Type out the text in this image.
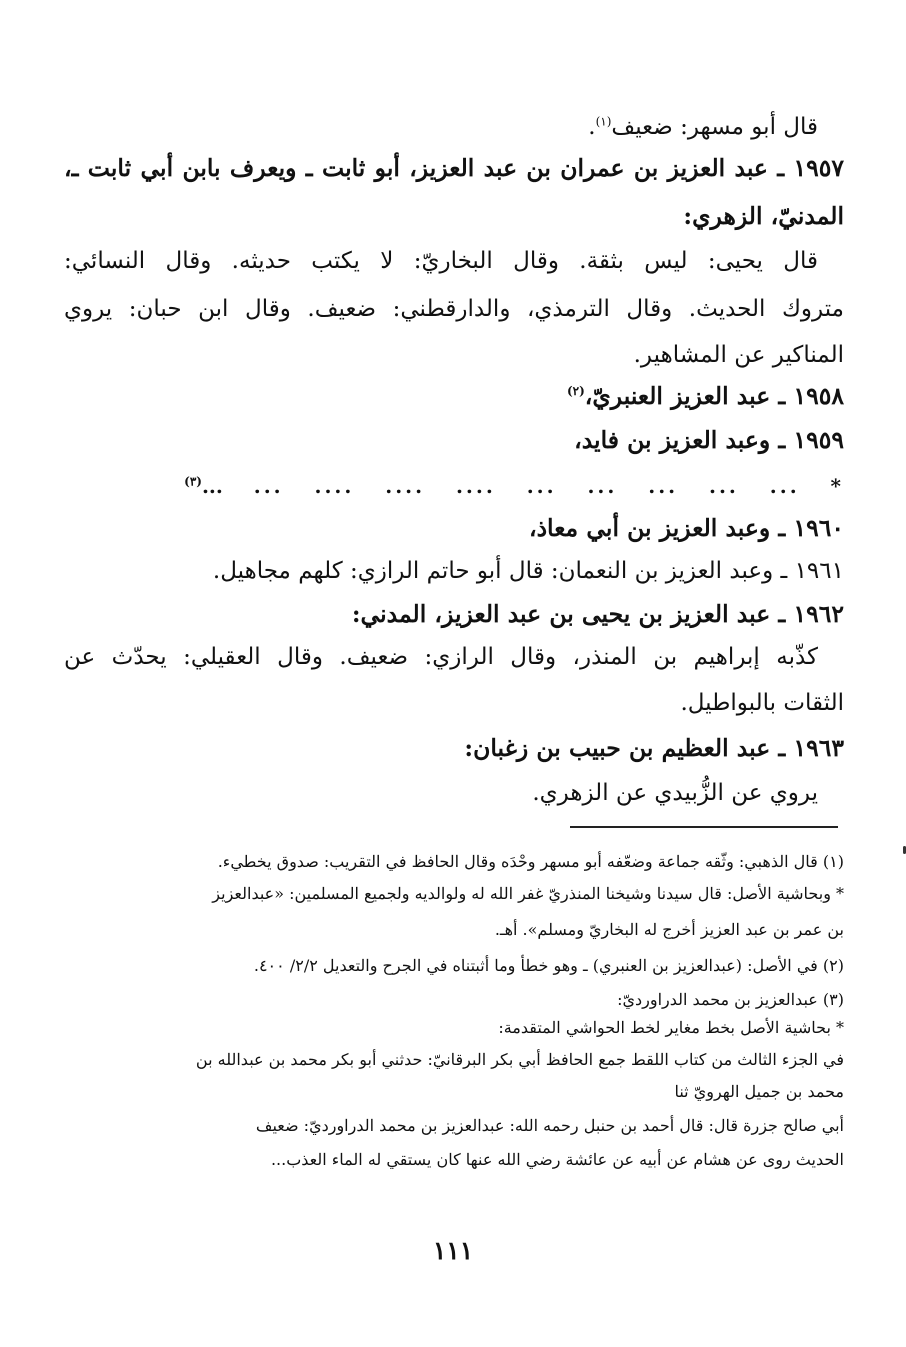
قال أبو مسهر: ضعيف$^{(١)}$.
١٩٥٧ ـ عبد العزيز بن عمران بن عبد العزيز، أبو ثابت ـ ويعرف بابن أبي ثابت ـ،
المدنيّ، الزهري:
قال يحيى: ليس بثقة. وقال البخاريّ: لا يكتب حديثه. وقال النسائي:
متروك الحديث. وقال الترمذي، والدارقطني: ضعيف. وقال ابن حبان: يروي
المناكير عن المشاهير.
١٩٥٨ ـ عبد العزيز العنبريّ،$^{(٢)}$
١٩٥٩ ـ وعبد العزيز بن فايد،
*
...
...
...
...
...
....
....
....
...
...$^{(٣)}$
١٩٦٠ ـ وعبد العزيز بن أبي معاذ،
١٩٦١ ـ وعبد العزيز بن النعمان: قال أبو حاتم الرازي: كلهم مجاهيل.
١٩٦٢ ـ عبد العزيز بن يحيى بن عبد العزيز، المدني:
كذّبه إبراهيم بن المنذر، وقال الرازي: ضعيف. وقال العقيلي: يحدّث عن
الثقات بالبواطيل.
١٩٦٣ ـ عبد العظيم بن حبيب بن زغبان:
يروي عن الزُّبيدي عن الزهري.
(١) قال الذهبي: وثّقه جماعة وضعّفه أبو مسهر وحْدَه وقال الحافظ في التقريب: صدوق يخطيء.
* وبحاشية الأصل: قال سيدنا وشيخنا المنذريّ غفر الله له ولوالديه ولجميع المسلمين: «عبدالعزيز
بن عمر بن عبد العزيز أخرج له البخاريّ ومسلم». أهـ.
(٢) في الأصل: (عبدالعزيز بن العنبري) ـ وهو خطأ وما أثبتناه في الجرح والتعديل ٢/٢/ ٤٠٠.
(٣) عبدالعزيز بن محمد الدراورديّ:
* بحاشية الأصل بخط مغاير لخط الحواشي المتقدمة:
في الجزء الثالث من كتاب اللقط جمع الحافظ أبي بكر البرقانيّ: حدثني أبو بكر محمد بن عبدالله بن
محمد بن جميل الهرويّ ثنا
أبي صالح جزرة قال: قال أحمد بن حنبل رحمه الله: عبدالعزيز بن محمد الدراورديّ: ضعيف
الحديث روى عن هشام عن أبيه عن عائشة رضي الله عنها كان يستقي له الماء العذب...
١١١
